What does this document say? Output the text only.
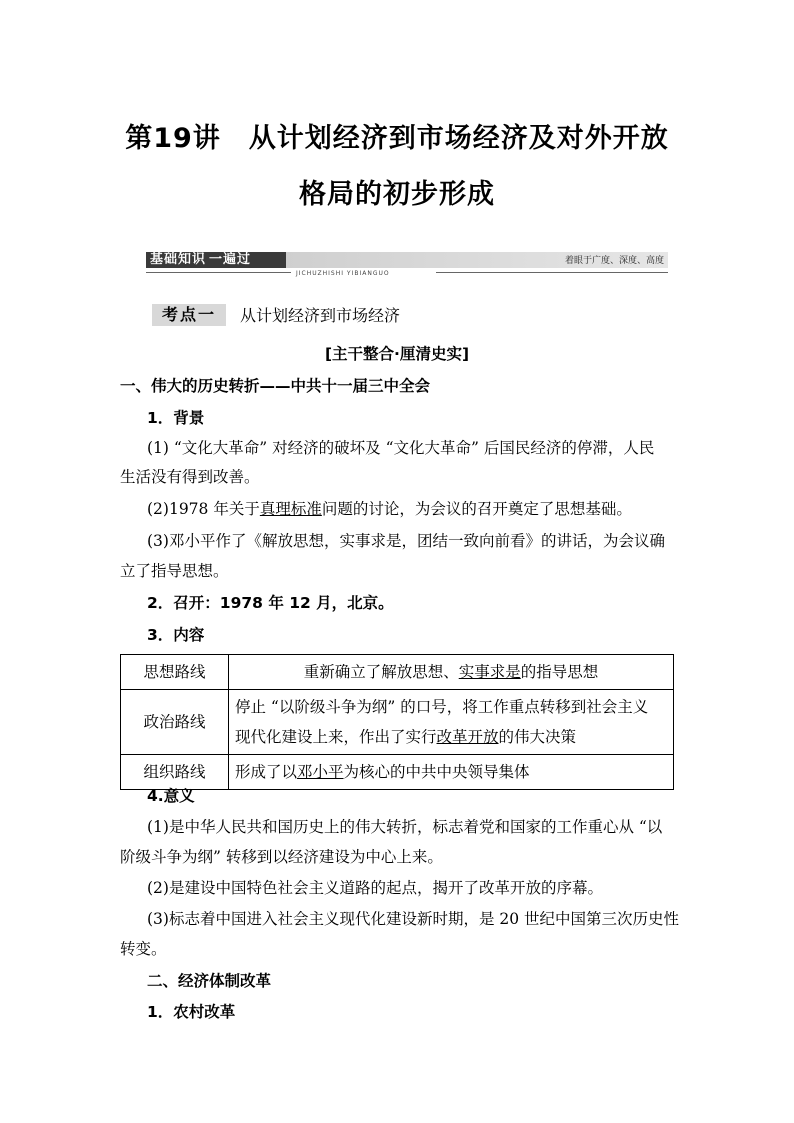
第19讲　从计划经济到市场经济及对外开放
格局的初步形成
基础知识 一遍过	着眼于广度、深度、高度
JICHUZHISHI YIBIANGUO
考点一 从计划经济到市场经济
[主干整合·厘清史实]
一、伟大的历史转折——中共十一届三中全会
1．背景
(1) “文化大革命” 对经济的破坏及 “文化大革命” 后国民经济的停滞，人民
生活没有得到改善。
(2)1978 年关于真理标准问题的讨论，为会议的召开奠定了思想基础。
(3)邓小平作了《解放思想，实事求是，团结一致向前看》的讲话，为会议确
立了指导思想。
2．召开：1978 年 12 月，北京。
3．内容
思想路线	重新确立了解放思想、实事求是的指导思想
政治路线	停止 “以阶级斗争为纲” 的口号，将工作重点转移到社会主义
现代化建设上来，作出了实行改革开放的伟大决策

组织路线	形成了以邓小平为核心的中共中央领导集体
4.意义
(1)是中华人民共和国历史上的伟大转折，标志着党和国家的工作重心从 “以
阶级斗争为纲” 转移到以经济建设为中心上来。
(2)是建设中国特色社会主义道路的起点，揭开了改革开放的序幕。
(3)标志着中国进入社会主义现代化建设新时期，是 20 世纪中国第三次历史性
转变。
二、经济体制改革
1．农村改革
